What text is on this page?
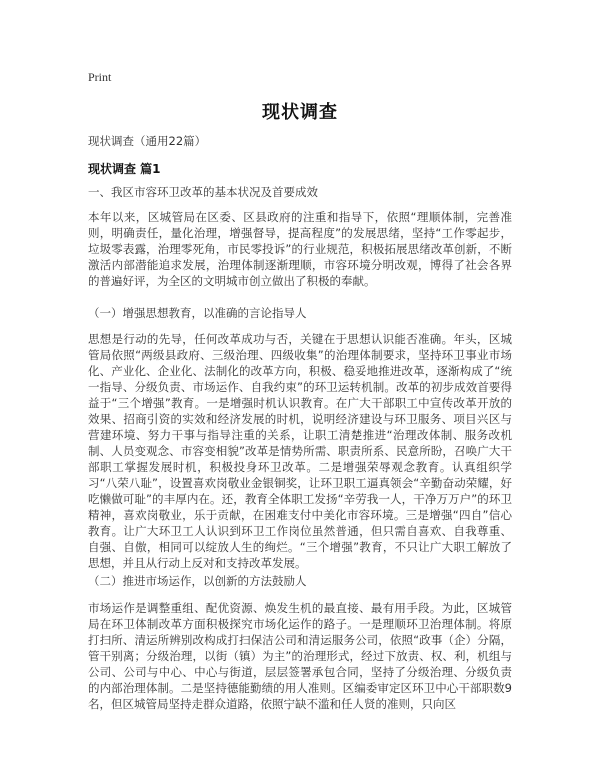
Print
现状调查
现状调查（通用22篇）
现状调查 篇1
一、我区市容环卫改革的基本状况及首要成效

本年以来，区城管局在区委、区县政府的注重和指导下，依照“理顺体制，完善准则，明确责任，量化治理，增强督导，提高程度”的发展思绪，坚持“工作零起步，垃圾零表露，治理零死角，市民零投诉”的行业规范，积极拓展思绪改革创新，不断激活内部潜能追求发展，治理体制逐渐理顺，市容环境分明改观，博得了社会各界的普遍好评，为全区的文明城市创立做出了积极的奉献。

（一）增强思想教育，以准确的言论指导人

思想是行动的先导，任何改革成功与否，关键在于思想认识能否准确。年头，区城管局依照“两级县政府、三级治理、四级收集”的治理体制要求，坚持环卫事业市场化、产业化、企业化、法制化的改革方向，积极、稳妥地推进改革，逐渐构成了“统一指导、分级负责、市场运作、自我约束”的环卫运转机制。改革的初步成效首要得益于“三个增强”教育。一是增强时机认识教育。在广大干部职工中宣传改革开放的效果、招商引资的实效和经济发展的时机，说明经济建设与环卫服务、项目兴区与营建环境、努力干事与指导注重的关系，让职工清楚推进“治理改体制、服务改机制、人员变观念、市容变相貌”改革是情势所需、职责所系、民意所盼，召唤广大干部职工掌握发展时机，积极投身环卫改革。二是增强荣辱观念教育。认真组织学习“八荣八耻”，设置喜欢岗敬业金银铜奖，让环卫职工逼真领会“辛勤奋动荣耀，好吃懒做可耻”的丰厚内在。还，教育全体职工发扬“辛劳我一人，干净万万户”的环卫精神，喜欢岗敬业，乐于贡献，在困难支付中美化市容环境。三是增强“四自”信心教育。让广大环卫工人认识到环卫工作岗位虽然普通，但只需自喜欢、自我尊重、自强、自傲，相同可以绽放人生的绚烂。“三个增强”教育，不只让广大职工解放了思想，并且从行动上反对和支持改革发展。

（二）推进市场运作，以创新的方法鼓励人

市场运作是调整重组、配优资源、焕发生机的最直接、最有用手段。为此，区城管局在环卫体制改革方面积极探究市场化运作的路子。一是理顺环卫治理体制。将原打扫所、清运所辨别改构成打扫保洁公司和清运服务公司，依照“政事（企）分隔，管干别离；分级治理，以街（镇）为主”的治理形式，经过下放责、权、利，机组与公司、公司与中心、中心与街道，层层签署承包合同，坚持了分级治理、分级负责的内部治理体制。二是坚持德能勤绩的用人准则。区编委审定区环卫中心干部职数9名，但区城管局坚持走群众道路，依照宁缺不滥和任人贤的准则，只向区
